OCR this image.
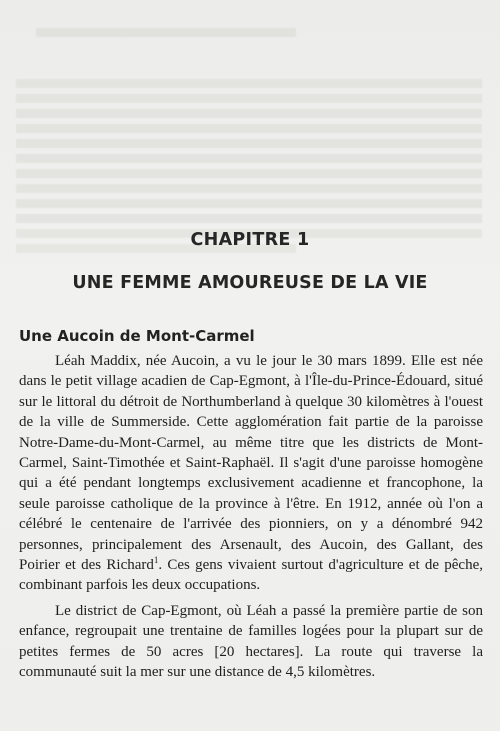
CHAPITRE 1
UNE FEMME AMOUREUSE DE LA VIE
Une Aucoin de Mont-Carmel

Léah Maddix, née Aucoin, a vu le jour le 30 mars 1899. Elle est née dans le petit village acadien de Cap-Egmont, à l'Île-du-Prince-Édouard, situé sur le littoral du détroit de Northumberland à quelque 30 kilomètres à l'ouest de la ville de Summerside. Cette agglomération fait partie de la paroisse Notre-Dame-du-Mont-Carmel, au même titre que les districts de Mont-Carmel, Saint-Timothée et Saint-Raphaël. Il s'agit d'une paroisse homogène qui a été pendant longtemps exclusivement acadienne et francophone, la seule paroisse catholique de la province à l'être. En 1912, année où l'on a célébré le centenaire de l'arrivée des pionniers, on y a dénombré 942 personnes, principalement des Arsenault, des Aucoin, des Gallant, des Poirier et des Richard$^1$. Ces gens vivaient surtout d'agriculture et de pêche, combinant parfois les deux occupations.

Le district de Cap-Egmont, où Léah a passé la première partie de son enfance, regroupait une trentaine de familles logées pour la plupart sur de petites fermes de 50 acres [20 hectares]. La route qui traverse la communauté suit la mer sur une distance de 4,5 kilomètres.
